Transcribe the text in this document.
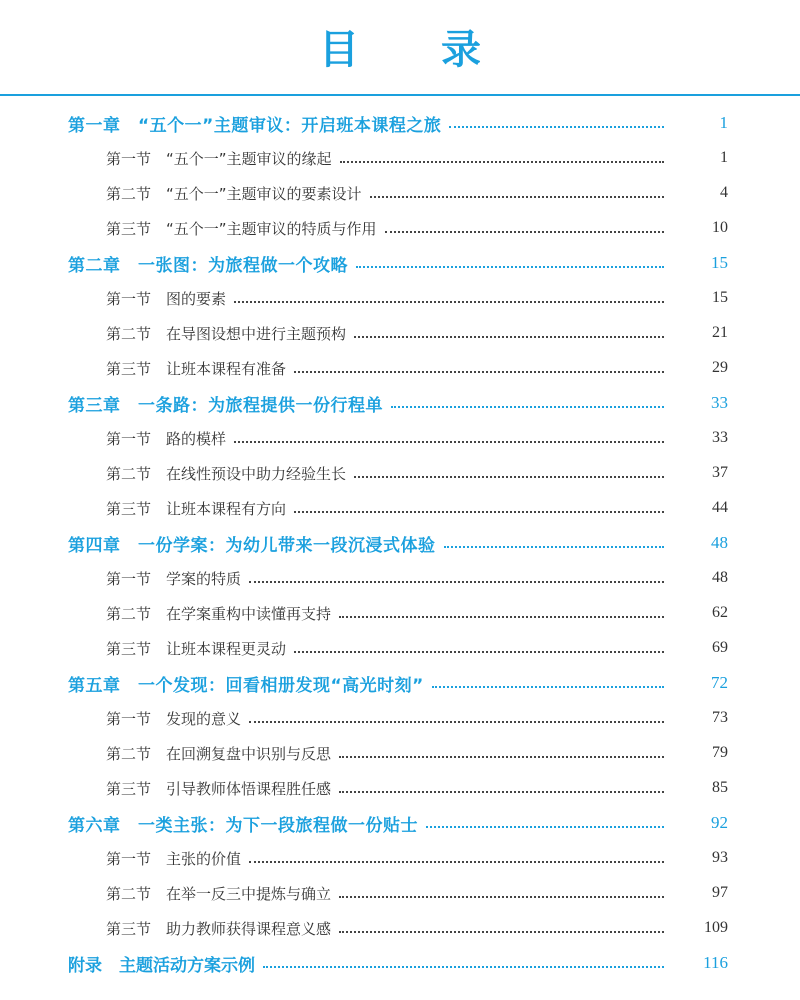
目 录
第一章　“五个一”主题审议：开启班本课程之旅	1
第一节　“五个一”主题审议的缘起	1
第二节　“五个一”主题审议的要素设计	4
第三节　“五个一”主题审议的特质与作用	10
第二章　一张图：为旅程做一个攻略	15
第一节　图的要素	15
第二节　在导图设想中进行主题预构	21
第三节　让班本课程有准备	29
第三章　一条路：为旅程提供一份行程单	33
第一节　路的模样	33
第二节　在线性预设中助力经验生长	37
第三节　让班本课程有方向	44
第四章　一份学案：为幼儿带来一段沉浸式体验	48
第一节　学案的特质	48
第二节　在学案重构中读懂再支持	62
第三节　让班本课程更灵动	69
第五章　一个发现：回看相册发现“高光时刻”	72
第一节　发现的意义	73
第二节　在回溯复盘中识别与反思	79
第三节　引导教师体悟课程胜任感	85
第六章　一类主张：为下一段旅程做一份贴士	92
第一节　主张的价值	93
第二节　在举一反三中提炼与确立	97
第三节　助力教师获得课程意义感	109
附录　主题活动方案示例	116
